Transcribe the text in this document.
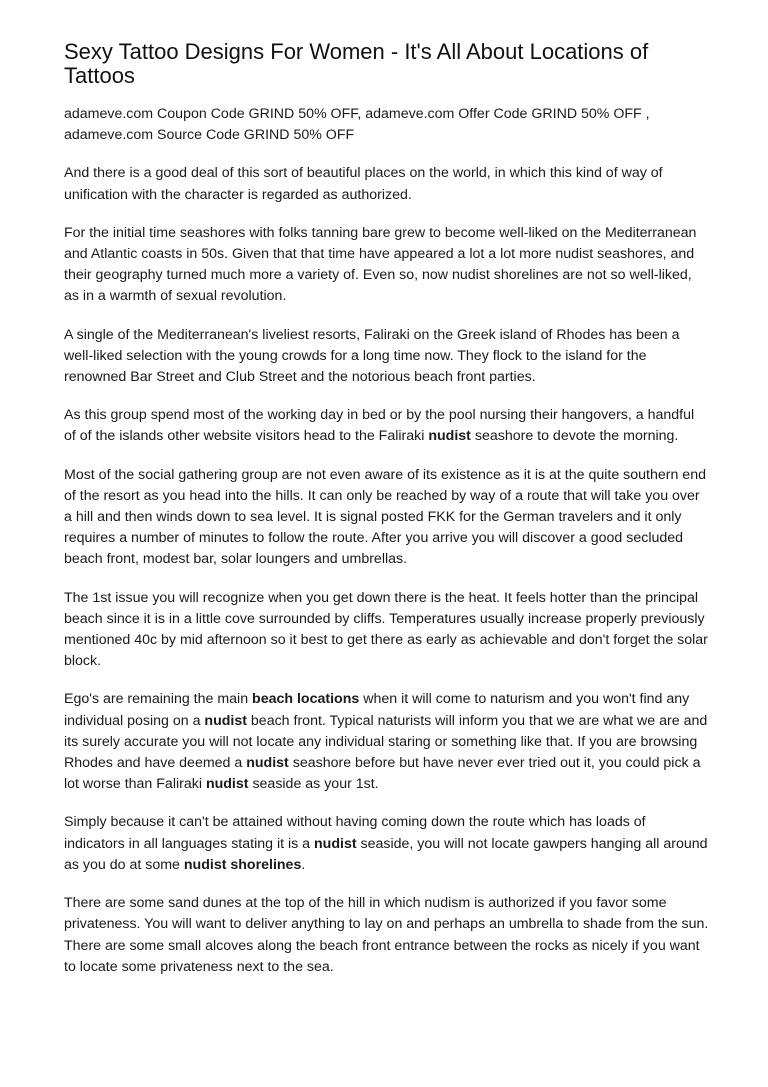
Sexy Tattoo Designs For Women - It's All About Locations of Tattoos

adameve.com Coupon Code GRIND 50% OFF, adameve.com Offer Code GRIND 50% OFF , adameve.com Source Code GRIND 50% OFF

And there is a good deal of this sort of beautiful places on the world, in which this kind of way of unification with the character is regarded as authorized.

For the initial time seashores with folks tanning bare grew to become well-liked on the Mediterranean and Atlantic coasts in 50s. Given that that time have appeared a lot a lot more nudist seashores, and their geography turned much more a variety of. Even so, now nudist shorelines are not so well-liked, as in a warmth of sexual revolution.

A single of the Mediterranean's liveliest resorts, Faliraki on the Greek island of Rhodes has been a well-liked selection with the young crowds for a long time now. They flock to the island for the renowned Bar Street and Club Street and the notorious beach front parties.

As this group spend most of the working day in bed or by the pool nursing their hangovers, a handful of of the islands other website visitors head to the Faliraki nudist seashore to devote the morning.

Most of the social gathering group are not even aware of its existence as it is at the quite southern end of the resort as you head into the hills. It can only be reached by way of a route that will take you over a hill and then winds down to sea level. It is signal posted FKK for the German travelers and it only requires a number of minutes to follow the route. After you arrive you will discover a good secluded beach front, modest bar, solar loungers and umbrellas.

The 1st issue you will recognize when you get down there is the heat. It feels hotter than the principal beach since it is in a little cove surrounded by cliffs. Temperatures usually increase properly previously mentioned 40c by mid afternoon so it best to get there as early as achievable and don't forget the solar block.

Ego's are remaining the main beach locations when it will come to naturism and you won't find any individual posing on a nudist beach front. Typical naturists will inform you that we are what we are and its surely accurate you will not locate any individual staring or something like that. If you are browsing Rhodes and have deemed a nudist seashore before but have never ever tried out it, you could pick a lot worse than Faliraki nudist seaside as your 1st.

Simply because it can't be attained without having coming down the route which has loads of indicators in all languages stating it is a nudist seaside, you will not locate gawpers hanging all around as you do at some nudist shorelines.

There are some sand dunes at the top of the hill in which nudism is authorized if you favor some privateness. You will want to deliver anything to lay on and perhaps an umbrella to shade from the sun. There are some small alcoves along the beach front entrance between the rocks as nicely if you want to locate some privateness next to the sea.
